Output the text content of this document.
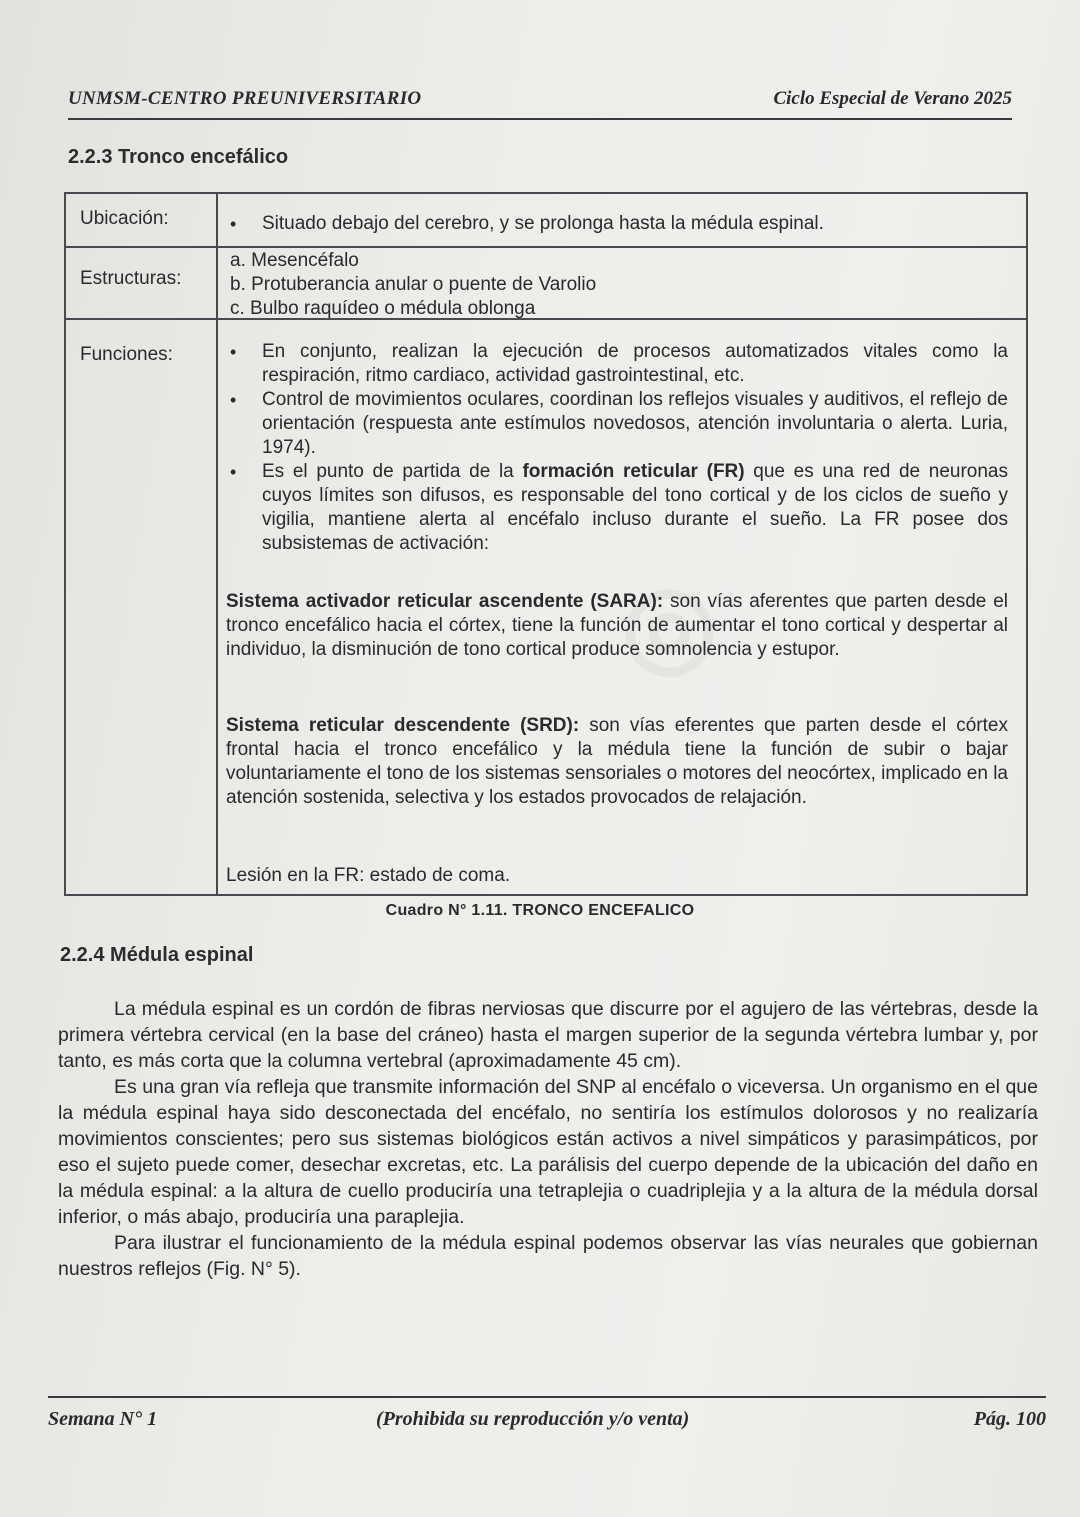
UNMSM-CENTRO PREUNIVERSITARIO	Ciclo Especial de Verano 2025
2.2.3 Tronco encefálico
Ubicación:	• Situado debajo del cerebro, y se prolonga hasta la médula espinal.

Estructuras:
a. Mesencéfalo
b. Protuberancia anular o puente de Varolio
c. Bulbo raquídeo o médula oblonga
Funciones:	• En conjunto, realizan la ejecución de procesos automatizados vitales como la respiración, ritmo cardiaco, actividad gastrointestinal, etc.

• Control de movimientos oculares, coordinan los reflejos visuales y auditivos, el reflejo de orientación (respuesta ante estímulos novedosos, atención involuntaria o alerta. Luria, 1974).

• Es el punto de partida de la formación reticular (FR) que es una red de neuronas cuyos límites son difusos, es responsable del tono cortical y de los ciclos de sueño y vigilia, mantiene alerta al encéfalo incluso durante el sueño. La FR posee dos subsistemas de activación:

Sistema activador reticular ascendente (SARA): son vías aferentes que parten desde el tronco encefálico hacia el córtex, tiene la función de aumentar el tono cortical y despertar al individuo, la disminución de tono cortical produce somnolencia y estupor.

Sistema reticular descendente (SRD): son vías eferentes que parten desde el córtex frontal hacia el tronco encefálico y la médula tiene la función de subir o bajar voluntariamente el tono de los sistemas sensoriales o motores del neocórtex, implicado en la atención sostenida, selectiva y los estados provocados de relajación.

Lesión en la FR: estado de coma.

Cuadro N° 1.11. TRONCO ENCEFALICO
2.2.4 Médula espinal

La médula espinal es un cordón de fibras nerviosas que discurre por el agujero de las vértebras, desde la primera vértebra cervical (en la base del cráneo) hasta el margen superior de la segunda vértebra lumbar y, por tanto, es más corta que la columna vertebral (aproximadamente 45 cm).

Es una gran vía refleja que transmite información del SNP al encéfalo o viceversa. Un organismo en el que la médula espinal haya sido desconectada del encéfalo, no sentiría los estímulos dolorosos y no realizaría movimientos conscientes; pero sus sistemas biológicos están activos a nivel simpáticos y parasimpáticos, por eso el sujeto puede comer, desechar excretas, etc. La parálisis del cuerpo depende de la ubicación del daño en la médula espinal: a la altura de cuello produciría una tetraplejia o cuadriplejia y a la altura de la médula dorsal inferior, o más abajo, produciría una paraplejia.

Para ilustrar el funcionamiento de la médula espinal podemos observar las vías neurales que gobiernan nuestros reflejos (Fig. N° 5).

Semana N° 1	(Prohibida su reproducción y/o venta)	Pág. 100
